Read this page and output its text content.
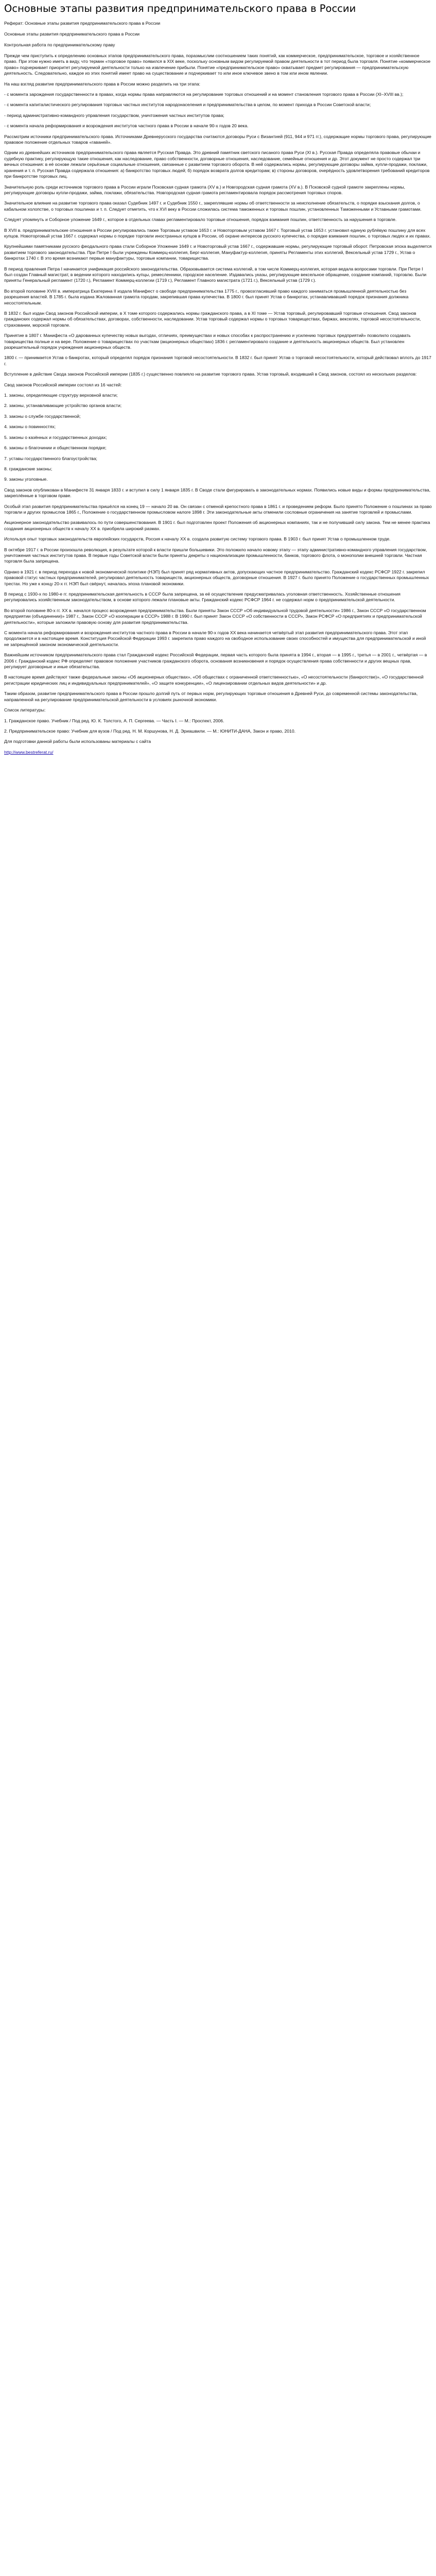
Основные этапы развития предпринимательского права в России
Реферат: Основные этапы развития предпринимательского права в России

Основные этапы развития предпринимательского права в России

Контрольная работа по предпринимательскому праву

Прежде чем приступить к определению основных этапов предпринимательского права, поразмыслим соотношением таких понятий, как коммерческое, предпринимательское, торговое и хозяйственное право. При этом нужно иметь в виду, что термин «торговое право» появился в XIX веке, поскольку основным видом регулируемой правом деятельности в тот период была торговля. Понятие «коммерческое право» подчеркивает приоритет регулируемой деятельности только на извлечение прибыли. Понятие «предпринимательское право» охватывает предмет регулирования — предпринимательскую деятельность. Следовательно, каждое из этих понятий имеет право на существование и подчеркивает то или иное ключевое звено в том или ином явлении.

На наш взгляд развитие предпринимательского права в России можно разделить на три этапа:

- с момента зарождения государственности в правах, когда нормы права направляются на регулирование торговых отношений и на момент становления торгового права в России (XI–XVIII вв.);

- с момента капиталистического регулирования торговых частных институтов народонаселения и предпринимательства в целом, по момент прихода в России Советской власти;

- период административно-командного управления государством, уничтожения частных институтов права;

- с момента начала реформирования и возрождения институтов частного права в России в начале 90-х годов 20 века.

Рассмотрим источники предпринимательского права. Источниками Древнерусского государства считаются договоры Руси с Византией (911, 944 и 971 гг.), содержащие нормы торгового права, регулирующие правовое положение отдельных товаров «гаваней».

Одним из древнейших источников предпринимательского права является Русская Правда. Это древний памятник светского писаного права Руси (XI в.). Русская Правда определяла правовые обычаи и судебную практику, регулирующую такие отношения, как наследование, право собственности, договорные отношения, наследование, семейные отношения и др. Этот документ не просто содержал три вечных отношения: в её основе лежали серьёзные социальные отношения, связанные с развитием торгового оборота. В ней содержались нормы, регулирующие договоры займа, купли-продажи, поклажи, хранения и т. п. Русская Правда содержала отношения: а) банкротство торговых людей; б) порядок возврата долгов кредиторам; в) стороны договоров, очерёдность удовлетворения требований кредиторов при банкротстве торговых лиц.

Значительную роль среди источников торгового права в России играли Псковская судная грамота (XV в.) и Новгородская судная грамота (XV в.). В Псковской судной грамоте закреплены нормы, регулирующие договоры купли-продажи, займа, поклажи, обязательства. Новгородская судная грамота регламентировала порядок рассмотрения торговых споров.

Значительное влияние на развитие торгового права оказал Судебник 1497 г. и Судебник 1550 г., закреплявшие нормы об ответственности за неисполнение обязательств, о порядке взыскания долгов, о кабальном холопстве, о торговых пошлинах и т. п. Следует отметить, что к XVI веку в России сложилась система таможенных и торговых пошлин, установленных Таможенными и Уставными грамотами.

Следует упомянуть и Соборное уложение 1649 г., которое в отдельных главах регламентировало торговые отношения, порядок взимания пошлин, ответственность за нарушения в торговле.

В XVII в. предпринимательские отношения в России регулировались также Торговым уставом 1653 г. и Новоторговым уставом 1667 г. Торговый устав 1653 г. установил единую рублёвую пошлину для всех купцов. Новоторговый устав 1667 г. содержал нормы о порядке торговли иностранных купцов в России, об охране интересов русского купечества, о порядке взимания пошлин, о торговых людях и их правах.

Крупнейшими памятниками русского феодального права стали Соборное Уложение 1649 г. и Новоторговый устав 1667 г., содержавшие нормы, регулирующие торговый оборот. Петровская эпоха выделяется развитием торгового законодательства. При Петре I были учреждены Коммерц-коллегия, Берг-коллегия, Мануфактур-коллегия, приняты Регламенты этих коллегий, Вексельный устав 1729 г., Устав о банкротах 1740 г. В это время возникают первые мануфактуры, торговые компании, товарищества.

В период правления Петра I начинается унификация российского законодательства. Образовывается система коллегий, в том числе Коммерц-коллегия, которая ведала вопросами торговли. При Петре I был создан Главный магистрат, в ведении которого находились купцы, ремесленники, городское население. Издавались указы, регулирующие вексельное обращение, создание компаний, торговлю. Были приняты Генеральный регламент (1720 г.), Регламент Коммерц-коллегии (1719 г.), Регламент Главного магистрата (1721 г.), Вексельный устав (1729 г.).

Во второй половине XVIII в. императрица Екатерина II издала Манифест о свободе предпринимательства 1775 г., провозгласивший право каждого заниматься промышленной деятельностью без разрешения властей. В 1785 г. была издана Жалованная грамота городам, закрепившая права купечества. В 1800 г. был принят Устав о банкротах, устанавливавший порядок признания должника несостоятельным.

В 1832 г. был издан Свод законов Российской империи, в Х томе которого содержались нормы гражданского права, а в XI томе — Устав торговый, регулировавший торговые отношения. Свод законов гражданских содержал нормы об обязательствах, договорах, собственности, наследовании. Устав торговый содержал нормы о торговых товариществах, биржах, векселях, торговой несостоятельности, страховании, морской торговле.

Принятие в 1807 г. Манифеста «О дарованных купечеству новых выгодах, отличиях, преимуществах и новых способах к распространению и усилению торговых предприятий» позволило создавать товарищества полные и на вере. Положение о товариществах по участкам (акционерных обществах) 1836 г. регламентировало создание и деятельность акционерных обществ. Был установлен разрешительный порядок учреждения акционерных обществ.

1800 г. — принимается Устав о банкротах, который определял порядок признания торговой несостоятельности. В 1832 г. был принят Устав о торговой несостоятельности, который действовал вплоть до 1917 г.

Вступление в действие Свода законов Российской империи (1835 г.) существенно повлияло на развитие торгового права. Устав торговый, входивший в Свод законов, состоял из нескольких разделов:

Свод законов Российской империи состоял из 16 частей:

1. законы, определяющие структуру верховной власти;

2. законы, устанавливающие устройство органов власти;

3. законы о службе государственной;

4. законы о повинностях;

5. законы о казённых и государственных доходах;

6. законы о благочинии и общественном порядке;

7. уставы государственного благоустройства;

8. гражданские законы;

9. законы уголовные.

Свод законов опубликован в Манифесте 31 января 1833 г. и вступил в силу 1 января 1835 г. В Своде стали фигурировать в законодательных нормах. Появились новые виды и формы предпринимательства, закреплённые в торговом праве.

Особый этап развития предпринимательства пришёлся на конец 19 — начало 20 вв. Он связан с отменой крепостного права в 1861 г. и проведением реформ. Было принято Положение о пошлинах за право торговли и других промыслов 1865 г., Положение о государственном промысловом налоге 1898 г. Эти законодательные акты отменили сословные ограничения на занятие торговлей и промыслами.

Акционерное законодательство развивалось по пути совершенствования. В 1901 г. был подготовлен проект Положения об акционерных компаниях, так и не получивший силу закона. Тем не менее практика создания акционерных обществ к началу XX в. приобрела широкий размах.

Используя опыт торговых законодательств европейских государств, Россия к началу XX в. создала развитую систему торгового права. В 1903 г. был принят Устав о промышленном труде.

В октябре 1917 г. в России произошла революция, в результате которой к власти пришли большевики. Это положило начало новому этапу — этапу административно-командного управления государством, уничтожения частных институтов права. В первые годы Советской власти были приняты декреты о национализации промышленности, банков, торгового флота, о монополии внешней торговли. Частная торговля была запрещена.

Однако в 1921 г. в период перехода к новой экономической политике (НЭП) был принят ряд нормативных актов, допускающих частное предпринимательство. Гражданский кодекс РСФСР 1922 г. закрепил правовой статус частных предпринимателей, регулировал деятельность товариществ, акционерных обществ, договорные отношения. В 1927 г. было принято Положение о государственных промышленных трестах. Но уже к концу 20-х гг. НЭП был свёрнут, началась эпоха плановой экономики.

В период с 1930-х по 1980-е гг. предпринимательская деятельность в СССР была запрещена, за её осуществление предусматривалась уголовная ответственность. Хозяйственные отношения регулировались хозяйственным законодательством, в основе которого лежали плановые акты. Гражданский кодекс РСФСР 1964 г. не содержал норм о предпринимательской деятельности.

Во второй половине 80-х гг. XX в. начался процесс возрождения предпринимательства. Были приняты Закон СССР «Об индивидуальной трудовой деятельности» 1986 г., Закон СССР «О государственном предприятии (объединении)» 1987 г., Закон СССР «О кооперации в СССР» 1988 г. В 1990 г. был принят Закон СССР «О собственности в СССР», Закон РСФСР «О предприятиях и предпринимательской деятельности», которые заложили правовую основу для развития предпринимательства.

С момента начала реформирования и возрождения институтов частного права в России в начале 90-х годов XX века начинается четвёртый этап развития предпринимательского права. Этот этап продолжается и в настоящее время. Конституция Российской Федерации 1993 г. закрепила право каждого на свободное использование своих способностей и имущества для предпринимательской и иной не запрещённой законом экономической деятельности.

Важнейшим источником предпринимательского права стал Гражданский кодекс Российской Федерации, первая часть которого была принята в 1994 г., вторая — в 1995 г., третья — в 2001 г., четвёртая — в 2006 г. Гражданский кодекс РФ определяет правовое положение участников гражданского оборота, основания возникновения и порядок осуществления права собственности и других вещных прав, регулирует договорные и иные обязательства.

В настоящее время действуют также федеральные законы «Об акционерных обществах», «Об обществах с ограниченной ответственностью», «О несостоятельности (банкротстве)», «О государственной регистрации юридических лиц и индивидуальных предпринимателей», «О защите конкуренции», «О лицензировании отдельных видов деятельности» и др.

Таким образом, развитие предпринимательского права в России прошло долгий путь от первых норм, регулирующих торговые отношения в Древней Руси, до современной системы законодательства, направленной на регулирование предпринимательской деятельности в условиях рыночной экономики.

Список литературы:

1. Гражданское право. Учебник / Под ред. Ю. К. Толстого, А. П. Сергеева. — Часть I. — М.: Проспект, 2006.

2. Предпринимательское право: Учебник для вузов / Под ред. Н. М. Коршунова, Н. Д. Эриашвили. — М.: ЮНИТИ-ДАНА, Закон и право, 2010.

Для подготовки данной работы были использованы материалы с сайта

http://www.bestreferat.ru/
